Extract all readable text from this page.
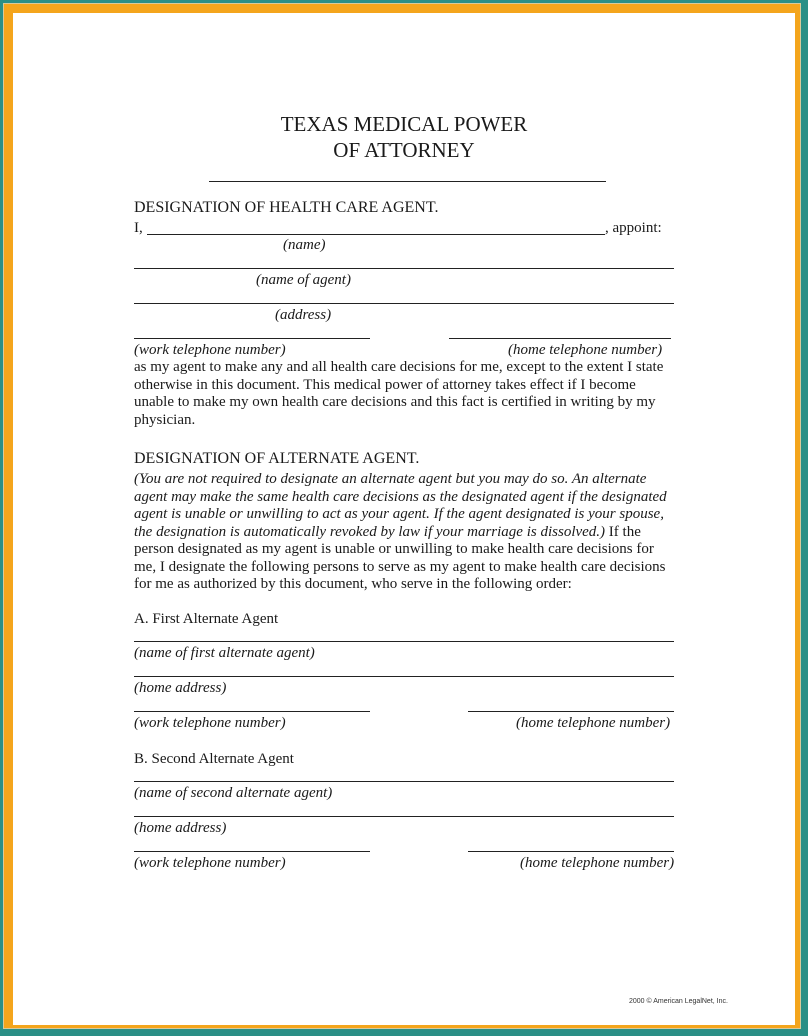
TEXAS MEDICAL POWER
OF ATTORNEY
DESIGNATION OF HEALTH CARE AGENT.
I,	, appoint:
(name)
(name of agent)
(address)
(work telephone number)	(home telephone number)

as my agent to make any and all health care decisions for me, except to the extent I state

otherwise in this document. This medical power of attorney takes effect if I become

unable to make my own health care decisions and this fact is certified in writing by my

physician.

DESIGNATION OF ALTERNATE AGENT.

(You are not required to designate an alternate agent but you may do so. An alternate

agent may make the same health care decisions as the designated agent if the designated

agent is unable or unwilling to act as your agent. If the agent designated is your spouse,

the designation is automatically revoked by law if your marriage is dissolved.) If the

person designated as my agent is unable or unwilling to make health care decisions for

me, I designate the following persons to serve as my agent to make health care decisions

for me as authorized by this document, who serve in the following order:

A. First Alternate Agent
(name of first alternate agent)
(home address)
(work telephone number)	(home telephone number)
B. Second Alternate Agent
(name of second alternate agent)
(home address)
(work telephone number)	(home telephone number)
2000 © American LegalNet, Inc.
